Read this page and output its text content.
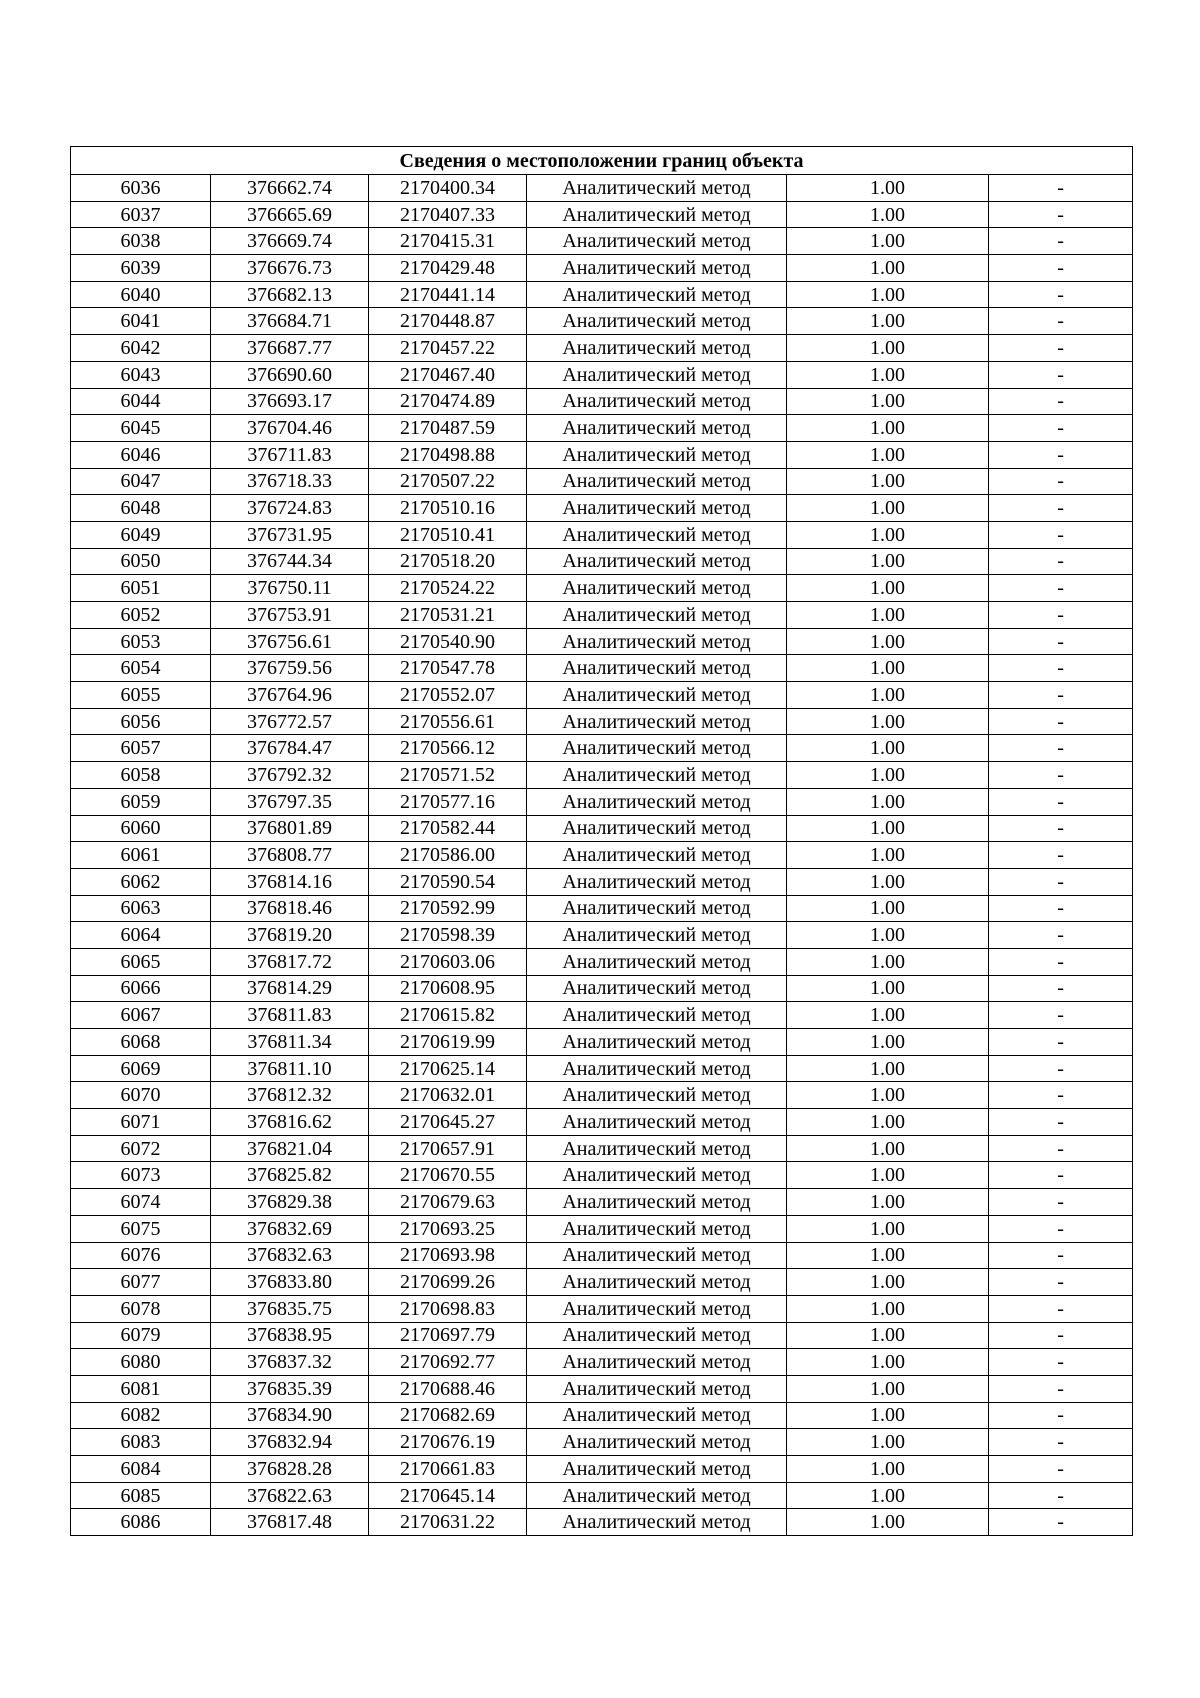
Сведения о местоположении границ объекта					
6036	376662.74	2170400.34	Аналитический метод	1.00	-
6037	376665.69	2170407.33	Аналитический метод	1.00	-
6038	376669.74	2170415.31	Аналитический метод	1.00	-
6039	376676.73	2170429.48	Аналитический метод	1.00	-
6040	376682.13	2170441.14	Аналитический метод	1.00	-
6041	376684.71	2170448.87	Аналитический метод	1.00	-
6042	376687.77	2170457.22	Аналитический метод	1.00	-
6043	376690.60	2170467.40	Аналитический метод	1.00	-
6044	376693.17	2170474.89	Аналитический метод	1.00	-
6045	376704.46	2170487.59	Аналитический метод	1.00	-
6046	376711.83	2170498.88	Аналитический метод	1.00	-
6047	376718.33	2170507.22	Аналитический метод	1.00	-
6048	376724.83	2170510.16	Аналитический метод	1.00	-
6049	376731.95	2170510.41	Аналитический метод	1.00	-
6050	376744.34	2170518.20	Аналитический метод	1.00	-
6051	376750.11	2170524.22	Аналитический метод	1.00	-
6052	376753.91	2170531.21	Аналитический метод	1.00	-
6053	376756.61	2170540.90	Аналитический метод	1.00	-
6054	376759.56	2170547.78	Аналитический метод	1.00	-
6055	376764.96	2170552.07	Аналитический метод	1.00	-
6056	376772.57	2170556.61	Аналитический метод	1.00	-
6057	376784.47	2170566.12	Аналитический метод	1.00	-
6058	376792.32	2170571.52	Аналитический метод	1.00	-
6059	376797.35	2170577.16	Аналитический метод	1.00	-
6060	376801.89	2170582.44	Аналитический метод	1.00	-
6061	376808.77	2170586.00	Аналитический метод	1.00	-
6062	376814.16	2170590.54	Аналитический метод	1.00	-
6063	376818.46	2170592.99	Аналитический метод	1.00	-
6064	376819.20	2170598.39	Аналитический метод	1.00	-
6065	376817.72	2170603.06	Аналитический метод	1.00	-
6066	376814.29	2170608.95	Аналитический метод	1.00	-
6067	376811.83	2170615.82	Аналитический метод	1.00	-
6068	376811.34	2170619.99	Аналитический метод	1.00	-
6069	376811.10	2170625.14	Аналитический метод	1.00	-
6070	376812.32	2170632.01	Аналитический метод	1.00	-
6071	376816.62	2170645.27	Аналитический метод	1.00	-
6072	376821.04	2170657.91	Аналитический метод	1.00	-
6073	376825.82	2170670.55	Аналитический метод	1.00	-
6074	376829.38	2170679.63	Аналитический метод	1.00	-
6075	376832.69	2170693.25	Аналитический метод	1.00	-
6076	376832.63	2170693.98	Аналитический метод	1.00	-
6077	376833.80	2170699.26	Аналитический метод	1.00	-
6078	376835.75	2170698.83	Аналитический метод	1.00	-
6079	376838.95	2170697.79	Аналитический метод	1.00	-
6080	376837.32	2170692.77	Аналитический метод	1.00	-
6081	376835.39	2170688.46	Аналитический метод	1.00	-
6082	376834.90	2170682.69	Аналитический метод	1.00	-
6083	376832.94	2170676.19	Аналитический метод	1.00	-
6084	376828.28	2170661.83	Аналитический метод	1.00	-
6085	376822.63	2170645.14	Аналитический метод	1.00	-
6086	376817.48	2170631.22	Аналитический метод	1.00	-
